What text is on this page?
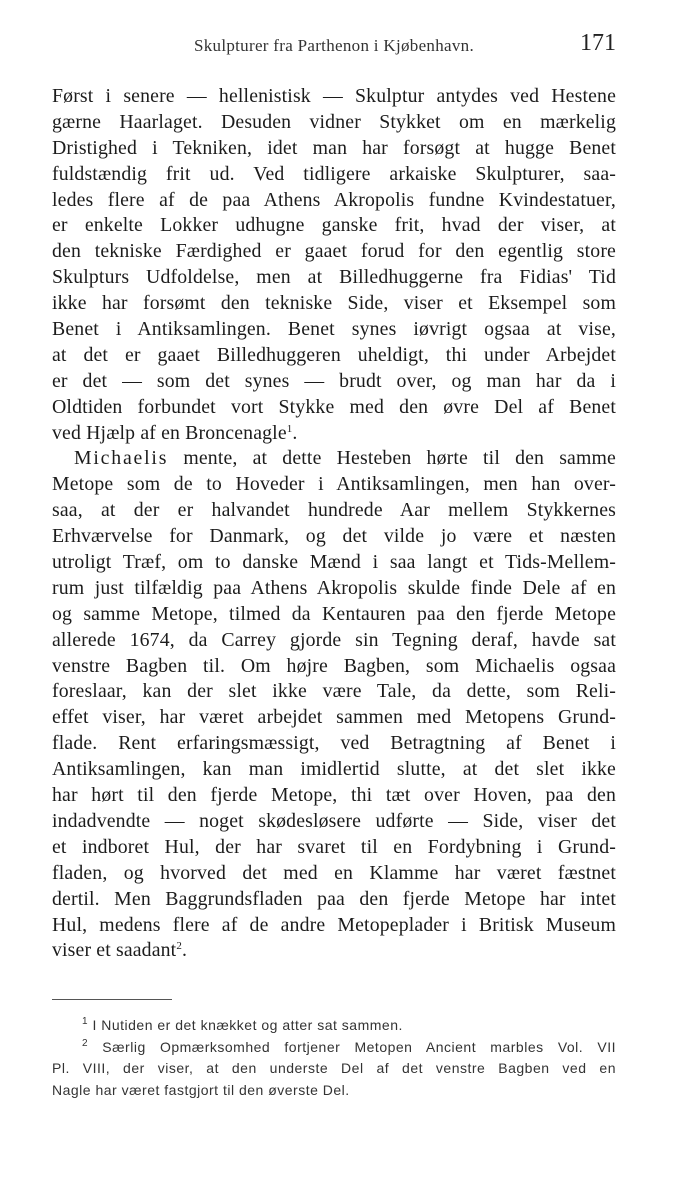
Skulpturer fra Parthenon i Kjøbenhavn.	171
Først i senere — hellenistisk — Skulptur antydes ved Hestene
gærne Haarlaget. Desuden vidner Stykket om en mærkelig
Dristighed i Tekniken, idet man har forsøgt at hugge Benet
fuldstændig frit ud. Ved tidligere arkaiske Skulpturer, saa-
ledes flere af de paa Athens Akropolis fundne Kvindestatuer,
er enkelte Lokker udhugne ganske frit, hvad der viser, at
den tekniske Færdighed er gaaet forud for den egentlig store
Skulpturs Udfoldelse, men at Billedhuggerne fra Fidias' Tid
ikke har forsømt den tekniske Side, viser et Eksempel som
Benet i Antiksamlingen. Benet synes iøvrigt ogsaa at vise,
at det er gaaet Billedhuggeren uheldigt, thi under Arbejdet
er det — som det synes — brudt over, og man har da i
Oldtiden forbundet vort Stykke med den øvre Del af Benet
ved Hjælp af en Broncenagle$^1$.
Michaelis mente, at dette Hesteben hørte til den samme
Metope som de to Hoveder i Antiksamlingen, men han over-
saa, at der er halvandet hundrede Aar mellem Stykkernes
Erhværvelse for Danmark, og det vilde jo være et næsten
utroligt Træf, om to danske Mænd i saa langt et Tids-Mellem-
rum just tilfældig paa Athens Akropolis skulde finde Dele af en
og samme Metope, tilmed da Kentauren paa den fjerde Metope
allerede 1674, da Carrey gjorde sin Tegning deraf, havde sat
venstre Bagben til. Om højre Bagben, som Michaelis ogsaa
foreslaar, kan der slet ikke være Tale, da dette, som Reli-
effet viser, har været arbejdet sammen med Metopens Grund-
flade. Rent erfaringsmæssigt, ved Betragtning af Benet i
Antiksamlingen, kan man imidlertid slutte, at det slet ikke
har hørt til den fjerde Metope, thi tæt over Hoven, paa den
indadvendte — noget skødesløsere udførte — Side, viser det
et indboret Hul, der har svaret til en Fordybning i Grund-
fladen, og hvorved det med en Klamme har været fæstnet
dertil. Men Baggrundsfladen paa den fjerde Metope har intet
Hul, medens flere af de andre Metopeplader i Britisk Museum
viser et saadant$^2$.
$^1$ I Nutiden er det knækket og atter sat sammen.
$^2$ Særlig Opmærksomhed fortjener Metopen Ancient marbles Vol. VII
Pl. VIII, der viser, at den underste Del af det venstre Bagben ved en
Nagle har været fastgjort til den øverste Del.
